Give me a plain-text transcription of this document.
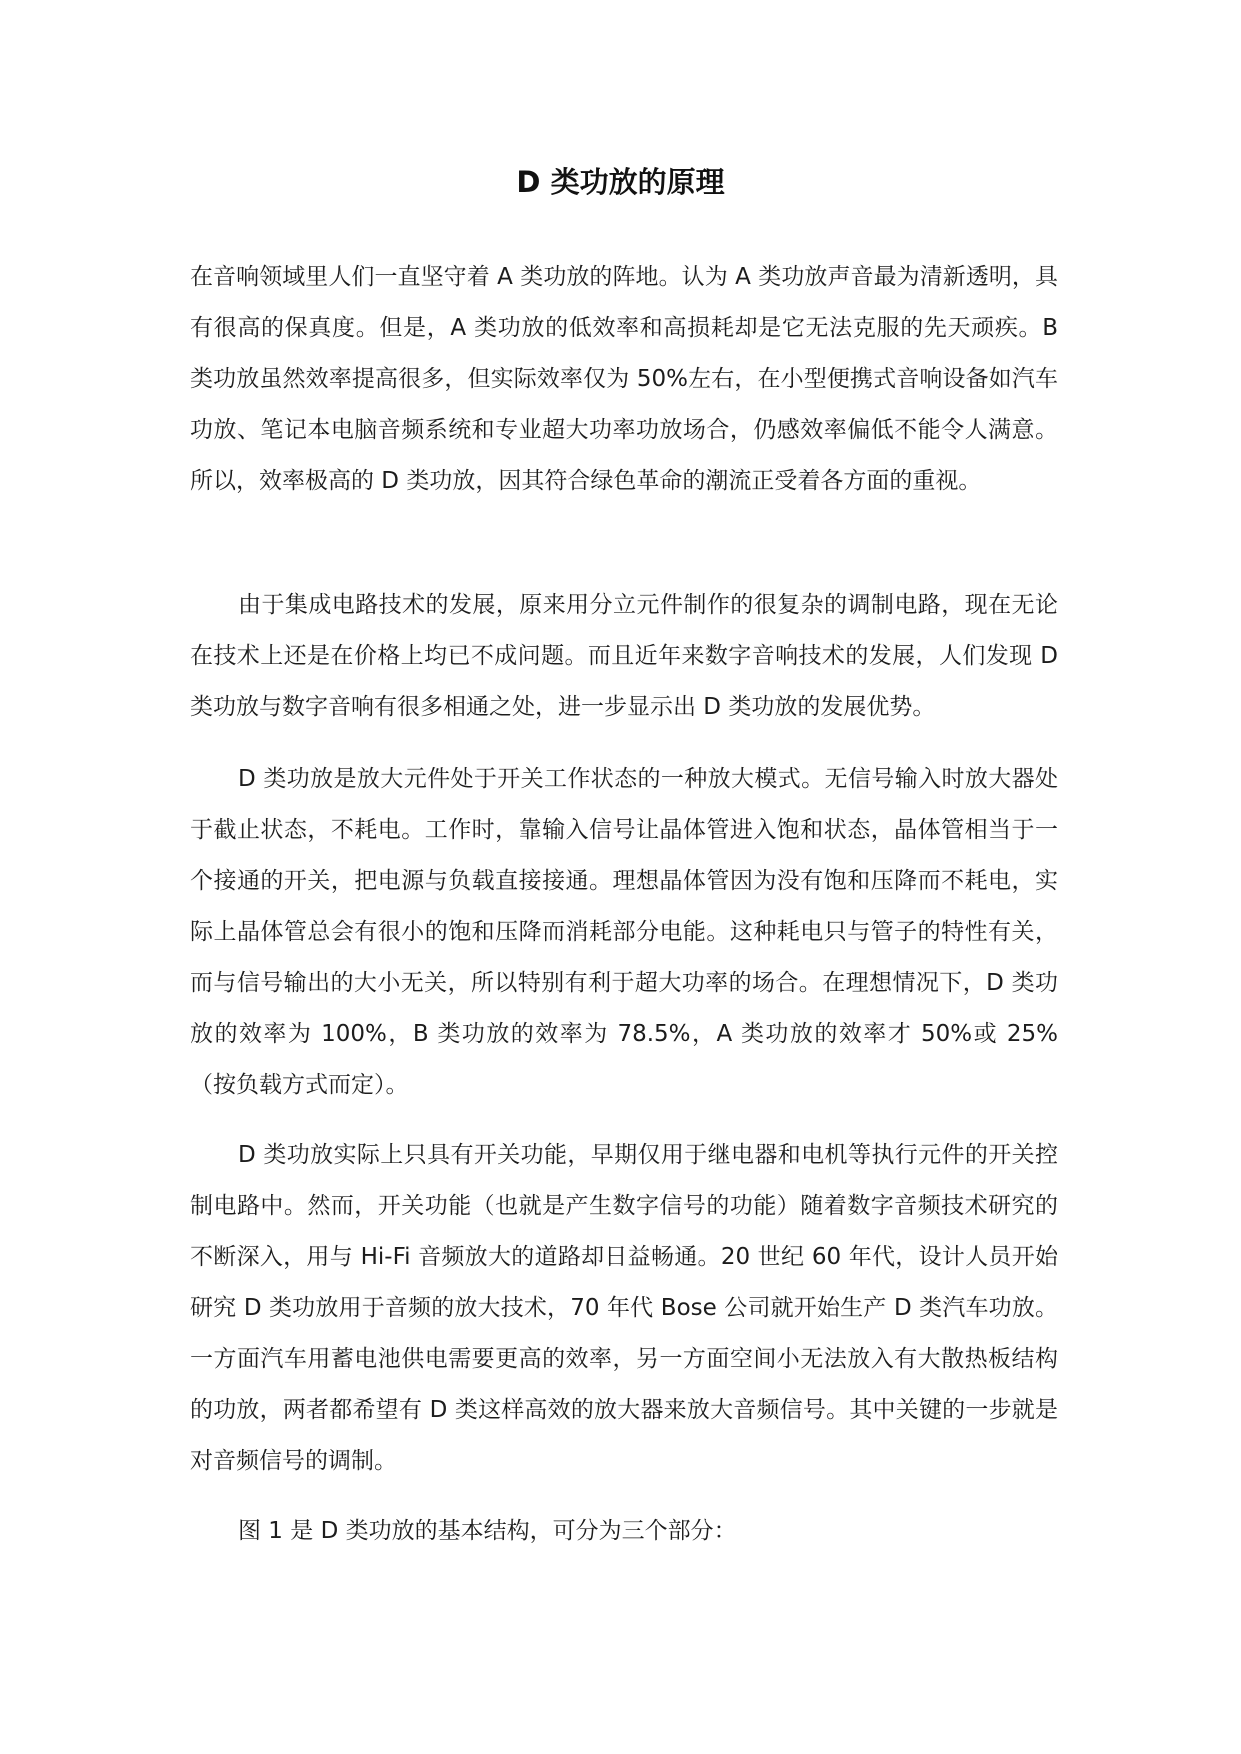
D 类功放的原理

在音响领域里人们一直坚守着 A 类功放的阵地。认为 A 类功放声音最为清新透明，具有很高的保真度。但是，A 类功放的低效率和高损耗却是它无法克服的先天顽疾。B 类功放虽然效率提高很多，但实际效率仅为 50%左右，在小型便携式音响设备如汽车功放、笔记本电脑音频系统和专业超大功率功放场合，仍感效率偏低不能令人满意。所以，效率极高的 D 类功放，因其符合绿色革命的潮流正受着各方面的重视。

由于集成电路技术的发展，原来用分立元件制作的很复杂的调制电路，现在无论在技术上还是在价格上均已不成问题。而且近年来数字音响技术的发展，人们发现 D 类功放与数字音响有很多相通之处，进一步显示出 D 类功放的发展优势。

D 类功放是放大元件处于开关工作状态的一种放大模式。无信号输入时放大器处于截止状态，不耗电。工作时，靠输入信号让晶体管进入饱和状态，晶体管相当于一个接通的开关，把电源与负载直接接通。理想晶体管因为没有饱和压降而不耗电，实际上晶体管总会有很小的饱和压降而消耗部分电能。这种耗电只与管子的特性有关，而与信号输出的大小无关，所以特别有利于超大功率的场合。在理想情况下，D 类功放的效率为 100%，B 类功放的效率为 78.5%，A 类功放的效率才 50%或 25%（按负载方式而定）。

D 类功放实际上只具有开关功能，早期仅用于继电器和电机等执行元件的开关控制电路中。然而，开关功能（也就是产生数字信号的功能）随着数字音频技术研究的不断深入，用与 Hi-Fi 音频放大的道路却日益畅通。20 世纪 60 年代，设计人员开始研究 D 类功放用于音频的放大技术，70 年代 Bose 公司就开始生产 D 类汽车功放。一方面汽车用蓄电池供电需要更高的效率，另一方面空间小无法放入有大散热板结构的功放，两者都希望有 D 类这样高效的放大器来放大音频信号。其中关键的一步就是对音频信号的调制。

图 1 是 D 类功放的基本结构，可分为三个部分：
